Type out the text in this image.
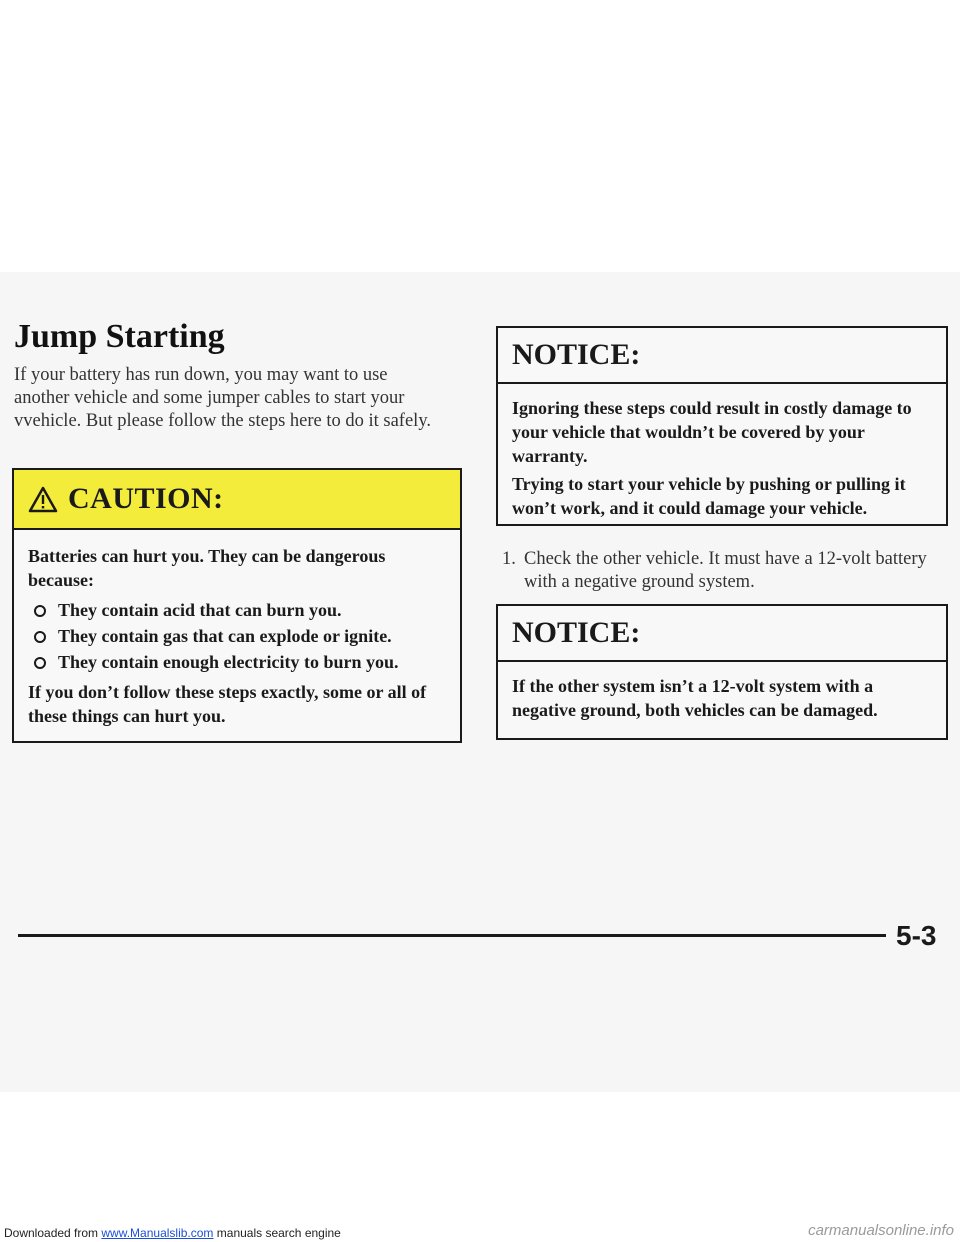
Jump Starting

If your battery has run down, you may want to use another vehicle and some jumper cables to start your vvehicle. But please follow the steps here to do it safely.

CAUTION:

Batteries can hurt you. They can be dangerous because:

They contain acid that can burn you.
They contain gas that can explode or ignite.
They contain enough electricity to burn you.

If you don’t follow these steps exactly, some or all of these things can hurt you.

NOTICE:

Ignoring these steps could result in costly damage to your vehicle that wouldn’t be covered by your warranty.

Trying to start your vehicle by pushing or pulling it won’t work, and it could damage your vehicle.

1. Check the other vehicle. It must have a 12-volt battery with a negative ground system.
NOTICE:

If the other system isn’t a 12-volt system with a negative ground, both vehicles can be damaged.

5-3
Downloaded from www.Manualslib.com manuals search engine	carmanualsonline.info
